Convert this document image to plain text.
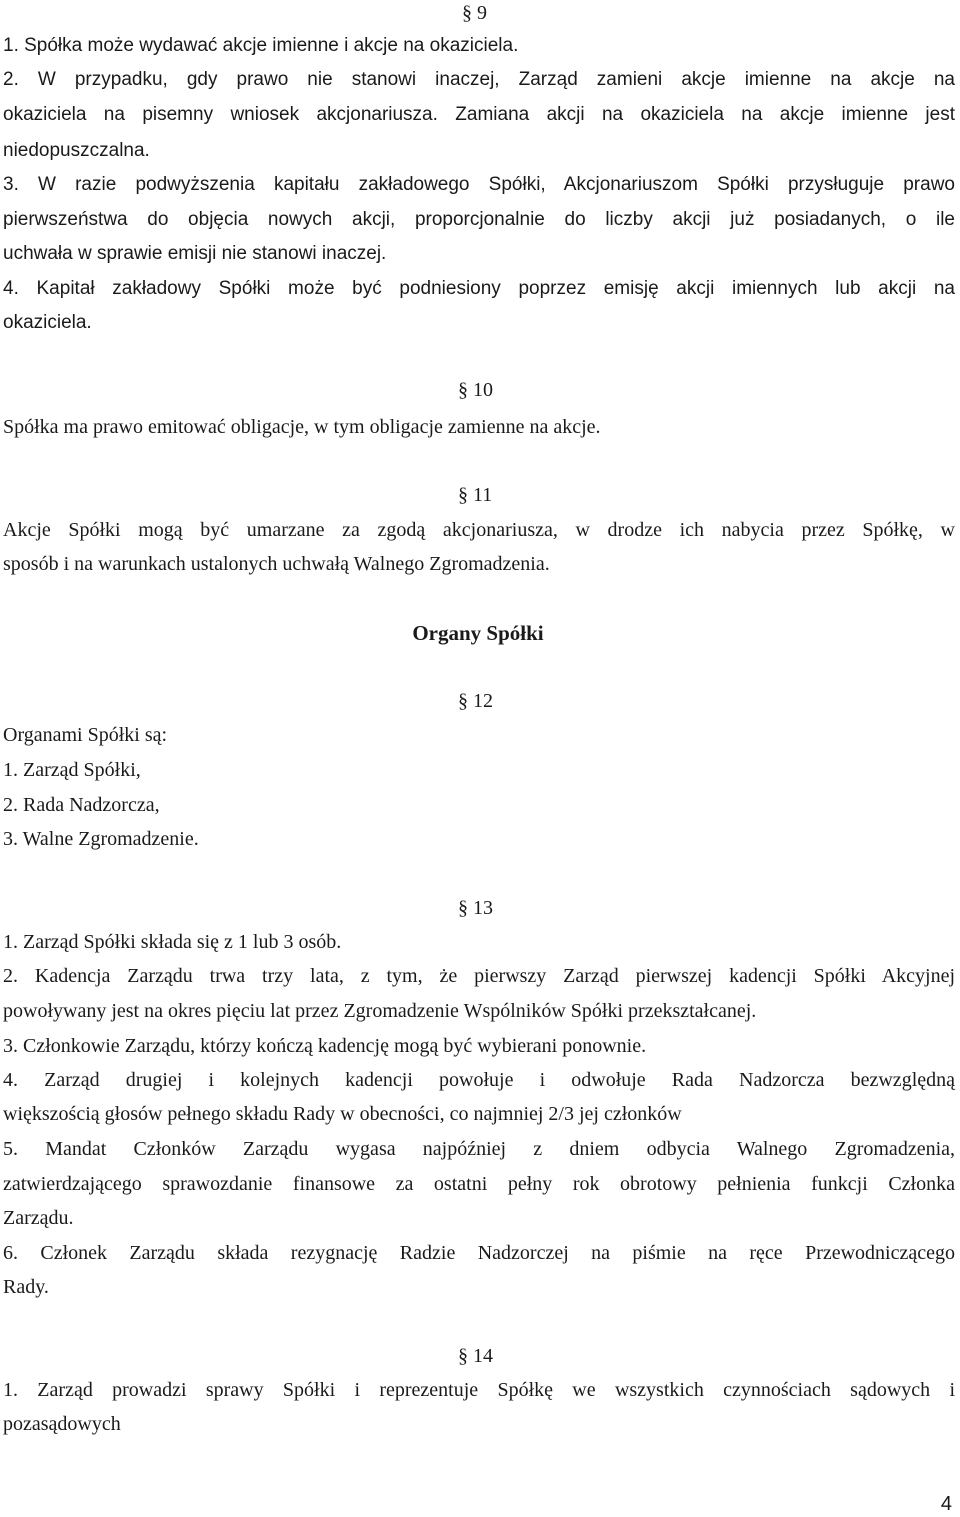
§ 9

1. Spółka może wydawać akcje imienne i akcje na okaziciela.

2. W przypadku, gdy prawo nie stanowi inaczej, Zarząd zamieni akcje imienne na akcje na

okaziciela na pisemny wniosek akcjonariusza. Zamiana akcji na okaziciela na akcje imienne jest

niedopuszczalna.

3. W razie podwyższenia kapitału zakładowego Spółki, Akcjonariuszom Spółki przysługuje prawo

pierwszeństwa do objęcia nowych akcji, proporcjonalnie do liczby akcji już posiadanych, o ile

uchwała w sprawie emisji nie stanowi inaczej.

4. Kapitał zakładowy Spółki może być podniesiony poprzez emisję akcji imiennych lub akcji na

okaziciela.

§ 10

Spółka ma prawo emitować obligacje, w tym obligacje zamienne na akcje.

§ 11

Akcje Spółki mogą być umarzane za zgodą akcjonariusza, w drodze ich nabycia przez Spółkę, w

sposób i na warunkach ustalonych uchwałą Walnego Zgromadzenia.

Organy Spółki
§ 12

Organami Spółki są:

1. Zarząd Spółki,

2. Rada Nadzorcza,

3. Walne Zgromadzenie.

§ 13

1. Zarząd Spółki składa się z 1 lub 3 osób.

2. Kadencja Zarządu trwa trzy lata, z tym, że pierwszy Zarząd pierwszej kadencji Spółki Akcyjnej

powoływany jest na okres pięciu lat przez Zgromadzenie Wspólników Spółki przekształcanej.

3. Członkowie Zarządu, którzy kończą kadencję mogą być wybierani ponownie.

4. Zarząd drugiej i kolejnych kadencji powołuje i odwołuje Rada Nadzorcza bezwzględną

większością głosów pełnego składu Rady w obecności, co najmniej 2/3 jej członków

5. Mandat Członków Zarządu wygasa najpóźniej z dniem odbycia Walnego Zgromadzenia,

zatwierdzającego sprawozdanie finansowe za ostatni pełny rok obrotowy pełnienia funkcji Członka

Zarządu.

6. Członek Zarządu składa rezygnację Radzie Nadzorczej na piśmie na ręce Przewodniczącego

Rady.

§ 14

1. Zarząd prowadzi sprawy Spółki i reprezentuje Spółkę we wszystkich czynnościach sądowych i

pozasądowych

4
